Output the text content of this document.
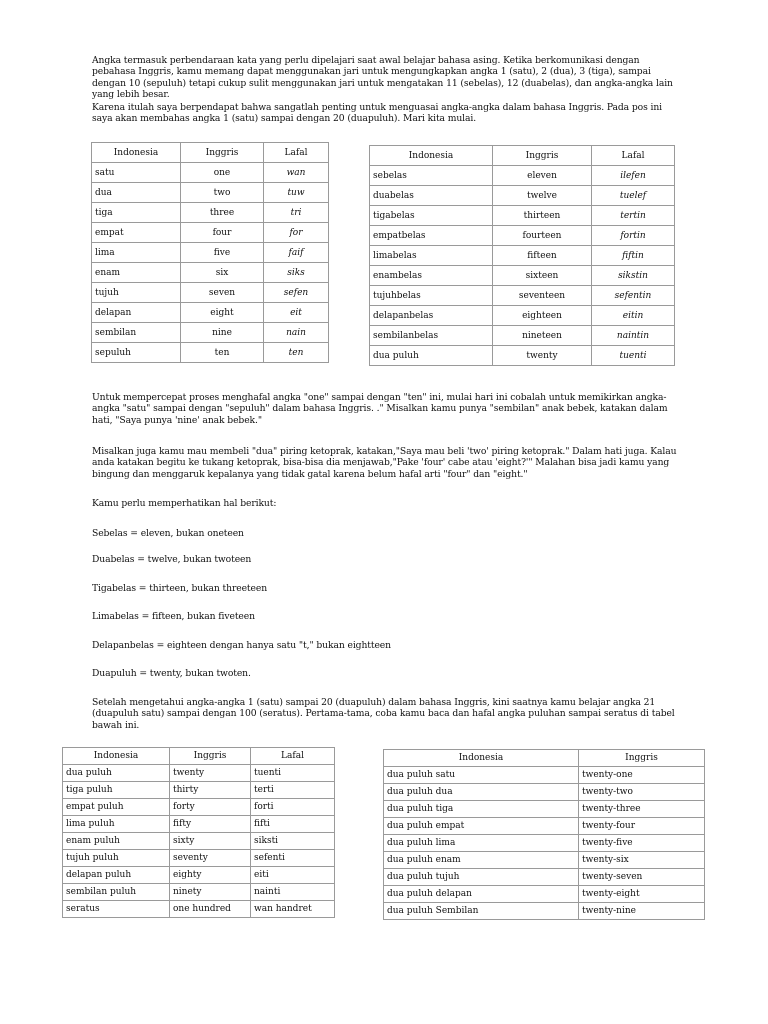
Angka termasuk perbendaraan kata yang perlu dipelajari saat awal belajar bahasa asing. Ketika berkomunikasi dengan pebahasa Inggris, kamu memang dapat menggunakan jari untuk mengungkapkan angka 1 (satu), 2 (dua), 3 (tiga), sampai dengan 10 (sepuluh) tetapi cukup sulit menggunakan jari untuk mengatakan 11 (sebelas), 12 (duabelas), dan angka-angka lain yang lebih besar.

Karena itulah saya berpendapat bahwa sangatlah penting untuk menguasai angka-angka dalam bahasa Inggris. Pada pos ini saya akan membahas angka 1 (satu) sampai dengan 20 (duapuluh). Mari kita mulai.

Indonesia	Inggris	Lafal
satu	one	wan
dua	two	tuw
tiga	three	tri
empat	four	for
lima	five	faif
enam	six	siks
tujuh	seven	sefen
delapan	eight	eit
sembilan	nine	nain
sepuluh	ten	ten
Indonesia	Inggris	Lafal
sebelas	eleven	ilefen
duabelas	twelve	tuelef
tigabelas	thirteen	tertin
empatbelas	fourteen	fortin
limabelas	fifteen	fiftin
enambelas	sixteen	sikstin
tujuhbelas	seventeen	sefentin
delapanbelas	eighteen	eitin
sembilanbelas	nineteen	naintin
dua puluh	twenty	tuenti

Untuk mempercepat proses menghafal angka "one" sampai dengan "ten" ini, mulai hari ini cobalah untuk memikirkan angka-angka "satu" sampai dengan "sepuluh" dalam bahasa Inggris. ." Misalkan kamu punya "sembilan" anak bebek, katakan dalam hati, "Saya punya 'nine' anak bebek."

Misalkan juga kamu mau membeli "dua" piring ketoprak, katakan,"Saya mau beli 'two' piring ketoprak." Dalam hati juga. Kalau anda katakan begitu ke tukang ketoprak, bisa-bisa dia menjawab,"Pake 'four' cabe atau 'eight?'" Malahan bisa jadi kamu yang bingung dan menggaruk kepalanya yang tidak gatal karena belum hafal arti "four" dan "eight."

Kamu perlu memperhatikan hal berikut:

Sebelas = eleven, bukan oneteen

Duabelas = twelve, bukan twoteen

Tigabelas = thirteen, bukan threeteen

Limabelas = fifteen, bukan fiveteen

Delapanbelas = eighteen dengan hanya satu "t," bukan eightteen

Duapuluh = twenty, bukan twoten.

Setelah mengetahui angka-angka 1 (satu) sampai 20 (duapuluh) dalam bahasa Inggris, kini saatnya kamu belajar angka 21 (duapuluh satu) sampai dengan 100 (seratus). Pertama-tama, coba kamu baca dan hafal angka puluhan sampai seratus di tabel bawah ini.

Indonesia	Inggris	Lafal
dua puluh	twenty	tuenti
tiga puluh	thirty	terti
empat puluh	forty	forti
lima puluh	fifty	fifti
enam puluh	sixty	siksti
tujuh puluh	seventy	sefenti
delapan puluh	eighty	eiti
sembilan puluh	ninety	nainti
seratus	one hundred	wan handret
Indonesia	Inggris
dua puluh satu	twenty-one
dua puluh dua	twenty-two
dua puluh tiga	twenty-three
dua puluh empat	twenty-four
dua puluh lima	twenty-five
dua puluh enam	twenty-six
dua puluh tujuh	twenty-seven
dua puluh delapan	twenty-eight
dua puluh Sembilan	twenty-nine
